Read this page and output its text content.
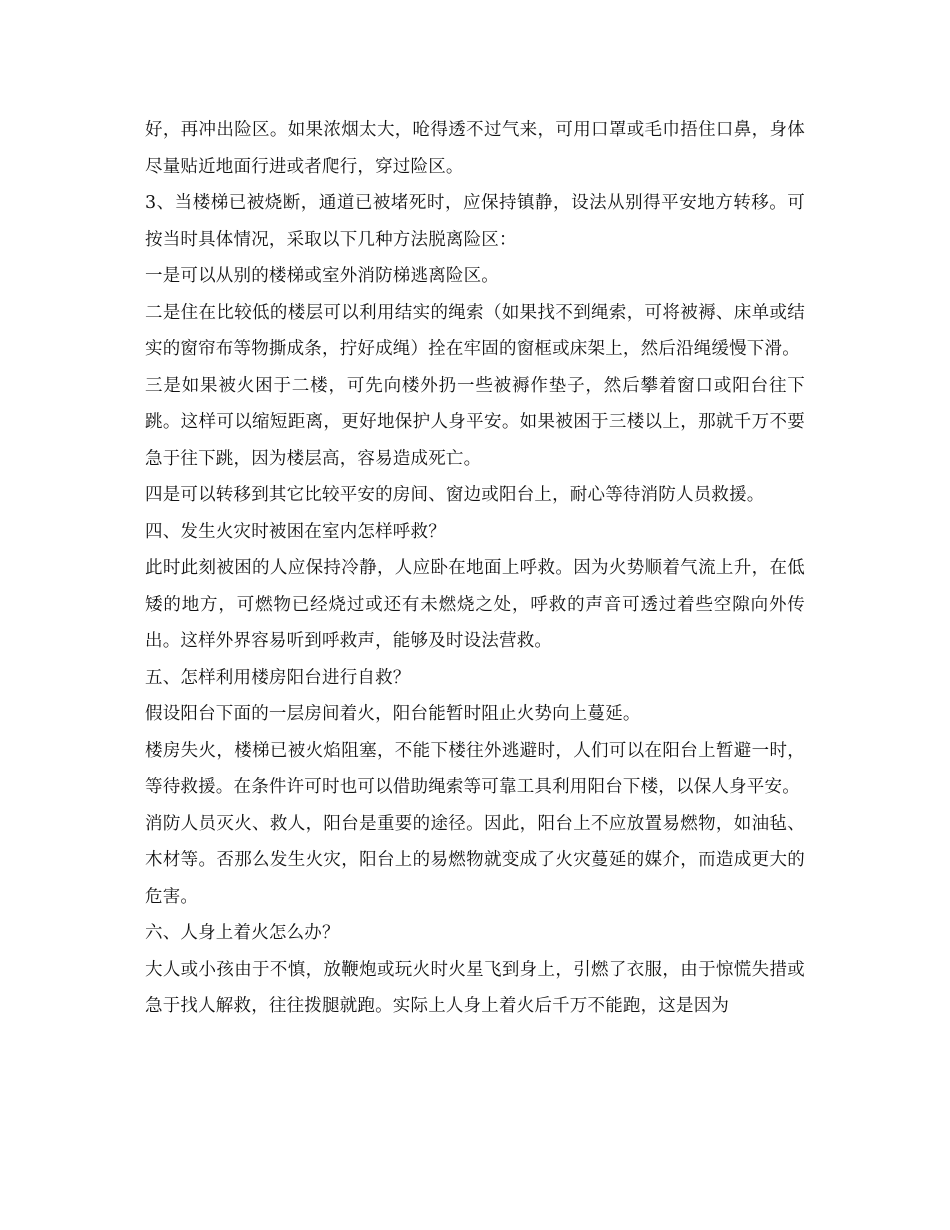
好，再冲出险区。如果浓烟太大，呛得透不过气来，可用口罩或毛巾捂住口鼻，身体尽量贴近地面行进或者爬行，穿过险区。

3、当楼梯已被烧断，通道已被堵死时，应保持镇静，设法从别得平安地方转移。可按当时具体情况，采取以下几种方法脱离险区：

一是可以从别的楼梯或室外消防梯逃离险区。

二是住在比较低的楼层可以利用结实的绳索（如果找不到绳索，可将被褥、床单或结实的窗帘布等物撕成条，拧好成绳）拴在牢固的窗框或床架上，然后沿绳缓慢下滑。

三是如果被火困于二楼，可先向楼外扔一些被褥作垫子，然后攀着窗口或阳台往下跳。这样可以缩短距离，更好地保护人身平安。如果被困于三楼以上，那就千万不要急于往下跳，因为楼层高，容易造成死亡。

四是可以转移到其它比较平安的房间、窗边或阳台上，耐心等待消防人员救援。

四、发生火灾时被困在室内怎样呼救？

此时此刻被困的人应保持冷静，人应卧在地面上呼救。因为火势顺着气流上升，在低矮的地方，可燃物已经烧过或还有未燃烧之处，呼救的声音可透过着些空隙向外传出。这样外界容易听到呼救声，能够及时设法营救。

五、怎样利用楼房阳台进行自救？

假设阳台下面的一层房间着火，阳台能暂时阻止火势向上蔓延。

楼房失火，楼梯已被火焰阻塞，不能下楼往外逃避时，人们可以在阳台上暂避一时，等待救援。在条件许可时也可以借助绳索等可靠工具利用阳台下楼，以保人身平安。

消防人员灭火、救人，阳台是重要的途径。因此，阳台上不应放置易燃物，如油毡、木材等。否那么发生火灾，阳台上的易燃物就变成了火灾蔓延的媒介，而造成更大的危害。

六、人身上着火怎么办？

大人或小孩由于不慎，放鞭炮或玩火时火星飞到身上，引燃了衣服，由于惊慌失措或急于找人解救，往往拨腿就跑。实际上人身上着火后千万不能跑，这是因为
